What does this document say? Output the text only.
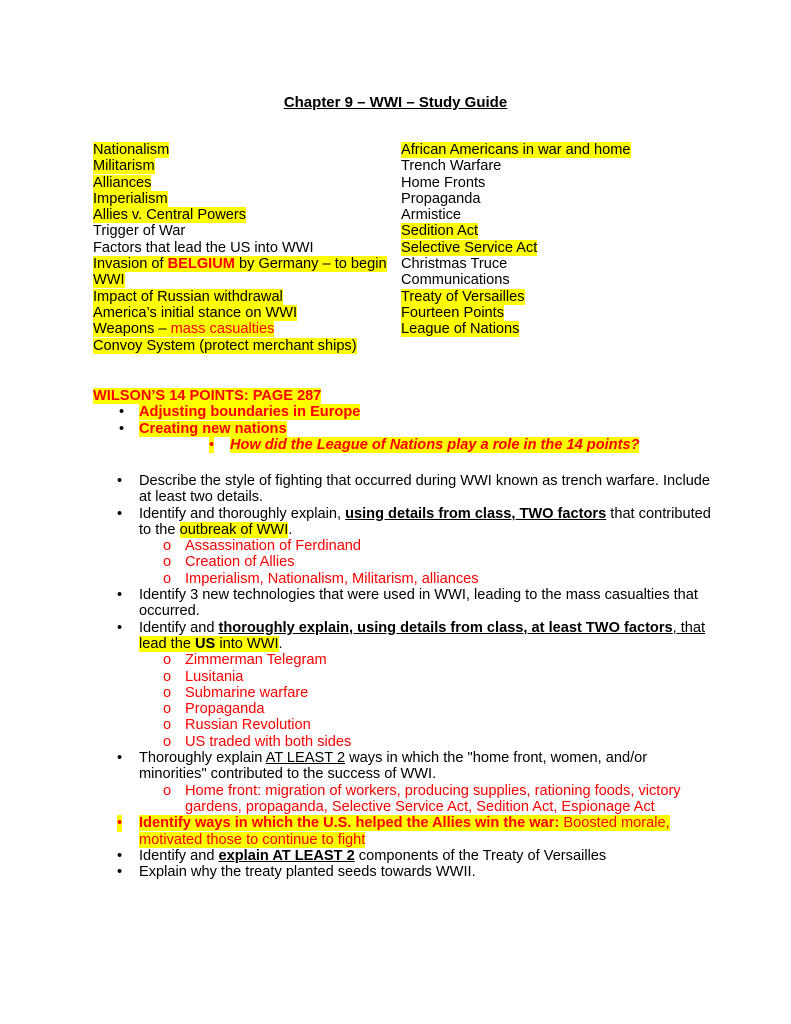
Chapter 9 – WWI – Study Guide
Nationalism
Militarism
Alliances
Imperialism
Allies v. Central Powers
Trigger of War
Factors that lead the US into WWI
Invasion of BELGIUM by Germany – to begin
WWI
Impact of Russian withdrawal
America’s initial stance on WWI
Weapons – mass casualties
Convoy System (protect merchant ships)
African Americans in war and home
Trench Warfare
Home Fronts
Propaganda
Armistice
Sedition Act
Selective Service Act
Christmas Truce
Communications
Treaty of Versailles
Fourteen Points
League of Nations
WILSON’S 14 POINTS: PAGE 287
• Adjusting boundaries in Europe
• Creating new nations
• How did the League of Nations play a role in the 14 points?
• Describe the style of fighting that occurred during WWI known as trench warfare. Include
at least two details.
• Identify and thoroughly explain, using details from class, TWO factors that contributed
to the outbreak of WWI.
o Assassination of Ferdinand
o Creation of Allies
o Imperialism, Nationalism, Militarism, alliances
• Identify 3 new technologies that were used in WWI, leading to the mass casualties that
occurred.
• Identify and thoroughly explain, using details from class, at least TWO factors, that
lead the US into WWI.
o Zimmerman Telegram
o Lusitania
o Submarine warfare
o Propaganda
o Russian Revolution
o US traded with both sides
• Thoroughly explain AT LEAST 2 ways in which the "home front, women, and/or
minorities" contributed to the success of WWI.
o Home front: migration of workers, producing supplies, rationing foods, victory
gardens, propaganda, Selective Service Act, Sedition Act, Espionage Act
• Identify ways in which the U.S. helped the Allies win the war: Boosted morale,
motivated those to continue to fight
• Identify and explain AT LEAST 2 components of the Treaty of Versailles
• Explain why the treaty planted seeds towards WWII.
